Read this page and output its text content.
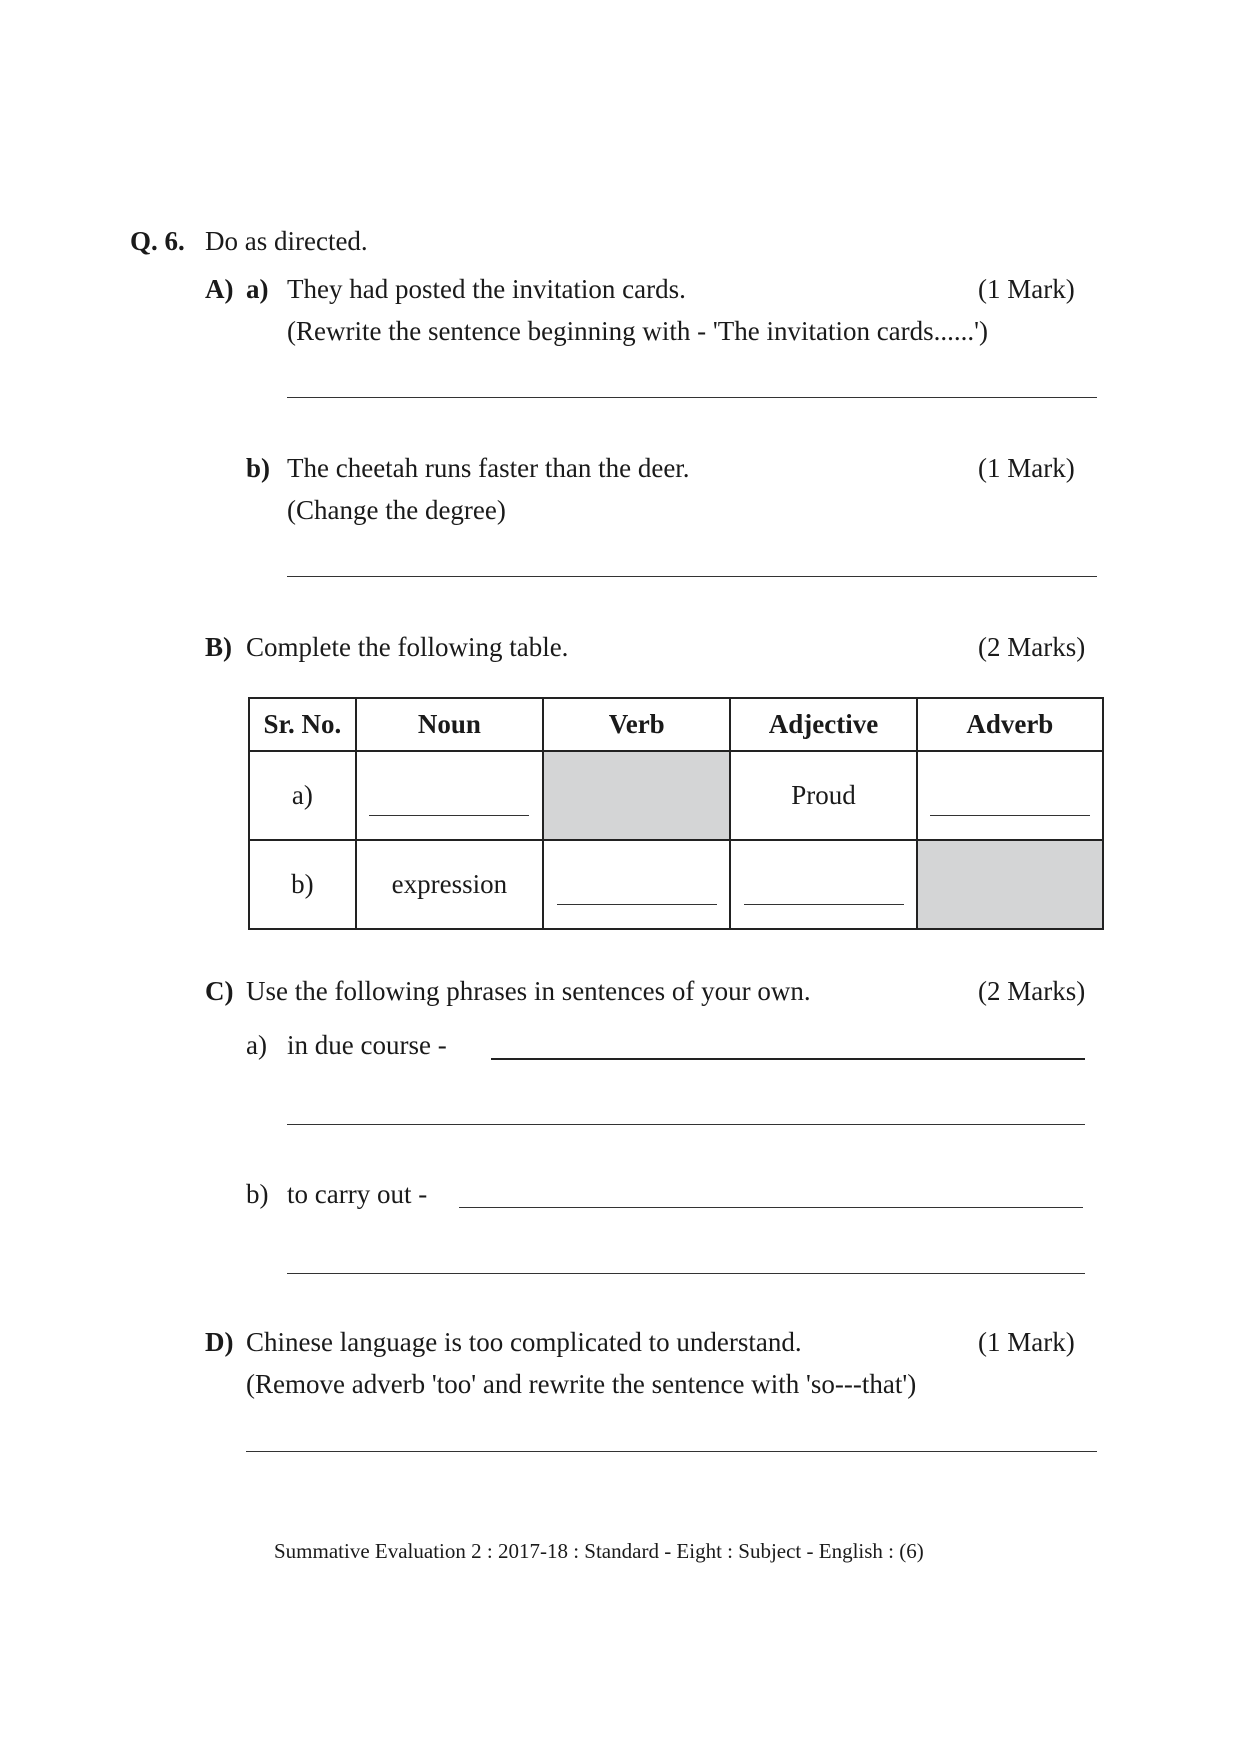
Q. 6. Do as directed.
A) a) They had posted the invitation cards.	(1 Mark)
(Rewrite the sentence beginning with - 'The invitation cards......')
b) The cheetah runs faster than the deer.	(1 Mark)
(Change the degree)
B) Complete the following table.	(2 Marks)
Sr. No.	Noun	Verb	Adjective	Adverb
a)			Proud	
b)	expression			
C) Use the following phrases in sentences of your own.	(2 Marks)
a) in due course -
b) to carry out -
D) Chinese language is too complicated to understand.	(1 Mark)
(Remove adverb 'too' and rewrite the sentence with 'so---that')
Summative Evaluation 2 : 2017-18 : Standard - Eight : Subject - English : (6)
